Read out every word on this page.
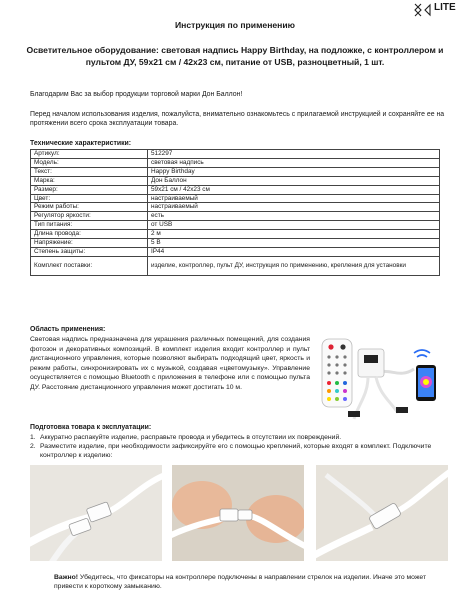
LITE
Инструкция по применению
Осветительное оборудование: световая надпись Happy Birthday, на подложке, с контроллером и пультом ДУ, 59х21 см / 42х23 см, питание от USB, разноцветный, 1 шт.
Благодарим Вас за выбор продукции торговой марки Дон Баллон!
Перед началом использования изделия, пожалуйста, внимательно ознакомьтесь с прилагаемой инструкцией и сохраняйте ее на протяжении всего срока эксплуатации товара.
Технические характеристики:
Артикул:	512297
Модель:	световая надпись
Текст:	Happy Birthday
Марка:	Дон Баллон
Размер:	59х21 см / 42х23 см
Цвет:	настраиваемый
Режим работы:	настраиваемый
Регулятор яркости:	есть
Тип питания:	от USB
Длина провода:	2 м
Напряжение:	5 В
Степень защиты:	IP44
Комплект поставки:	изделие, контроллер, пульт ДУ, инструкция по применению, крепления для установки
Область применения:
Световая надпись предназначена для украшения различных помещений, для создания фотозон и декоративных композиций. В комплект изделия входит контроллер и пульт дистанционного управления, которые позволяют выбирать подходящий цвет, яркость и режим работы, синхронизировать их с музыкой, создавая «цветомузыку». Управление осуществляется с помощью Bluetooth с приложения в телефоне или с помощью пульта ДУ. Расстояние дистанционного управления может достигать 10 м.
Подготовка товара к эксплуатации:
1. Аккуратно распакуйте изделие, расправьте провода и убедитесь в отсутствии их повреждений.
2. Разместите изделие, при необходимости зафиксируйте его с помощью креплений, которые входят в комплект. Подключите контроллер к изделию:
Важно! Убедитесь, что фиксаторы на контроллере подключены в направлении стрелок на изделии. Иначе это может привести к короткому замыканию.
